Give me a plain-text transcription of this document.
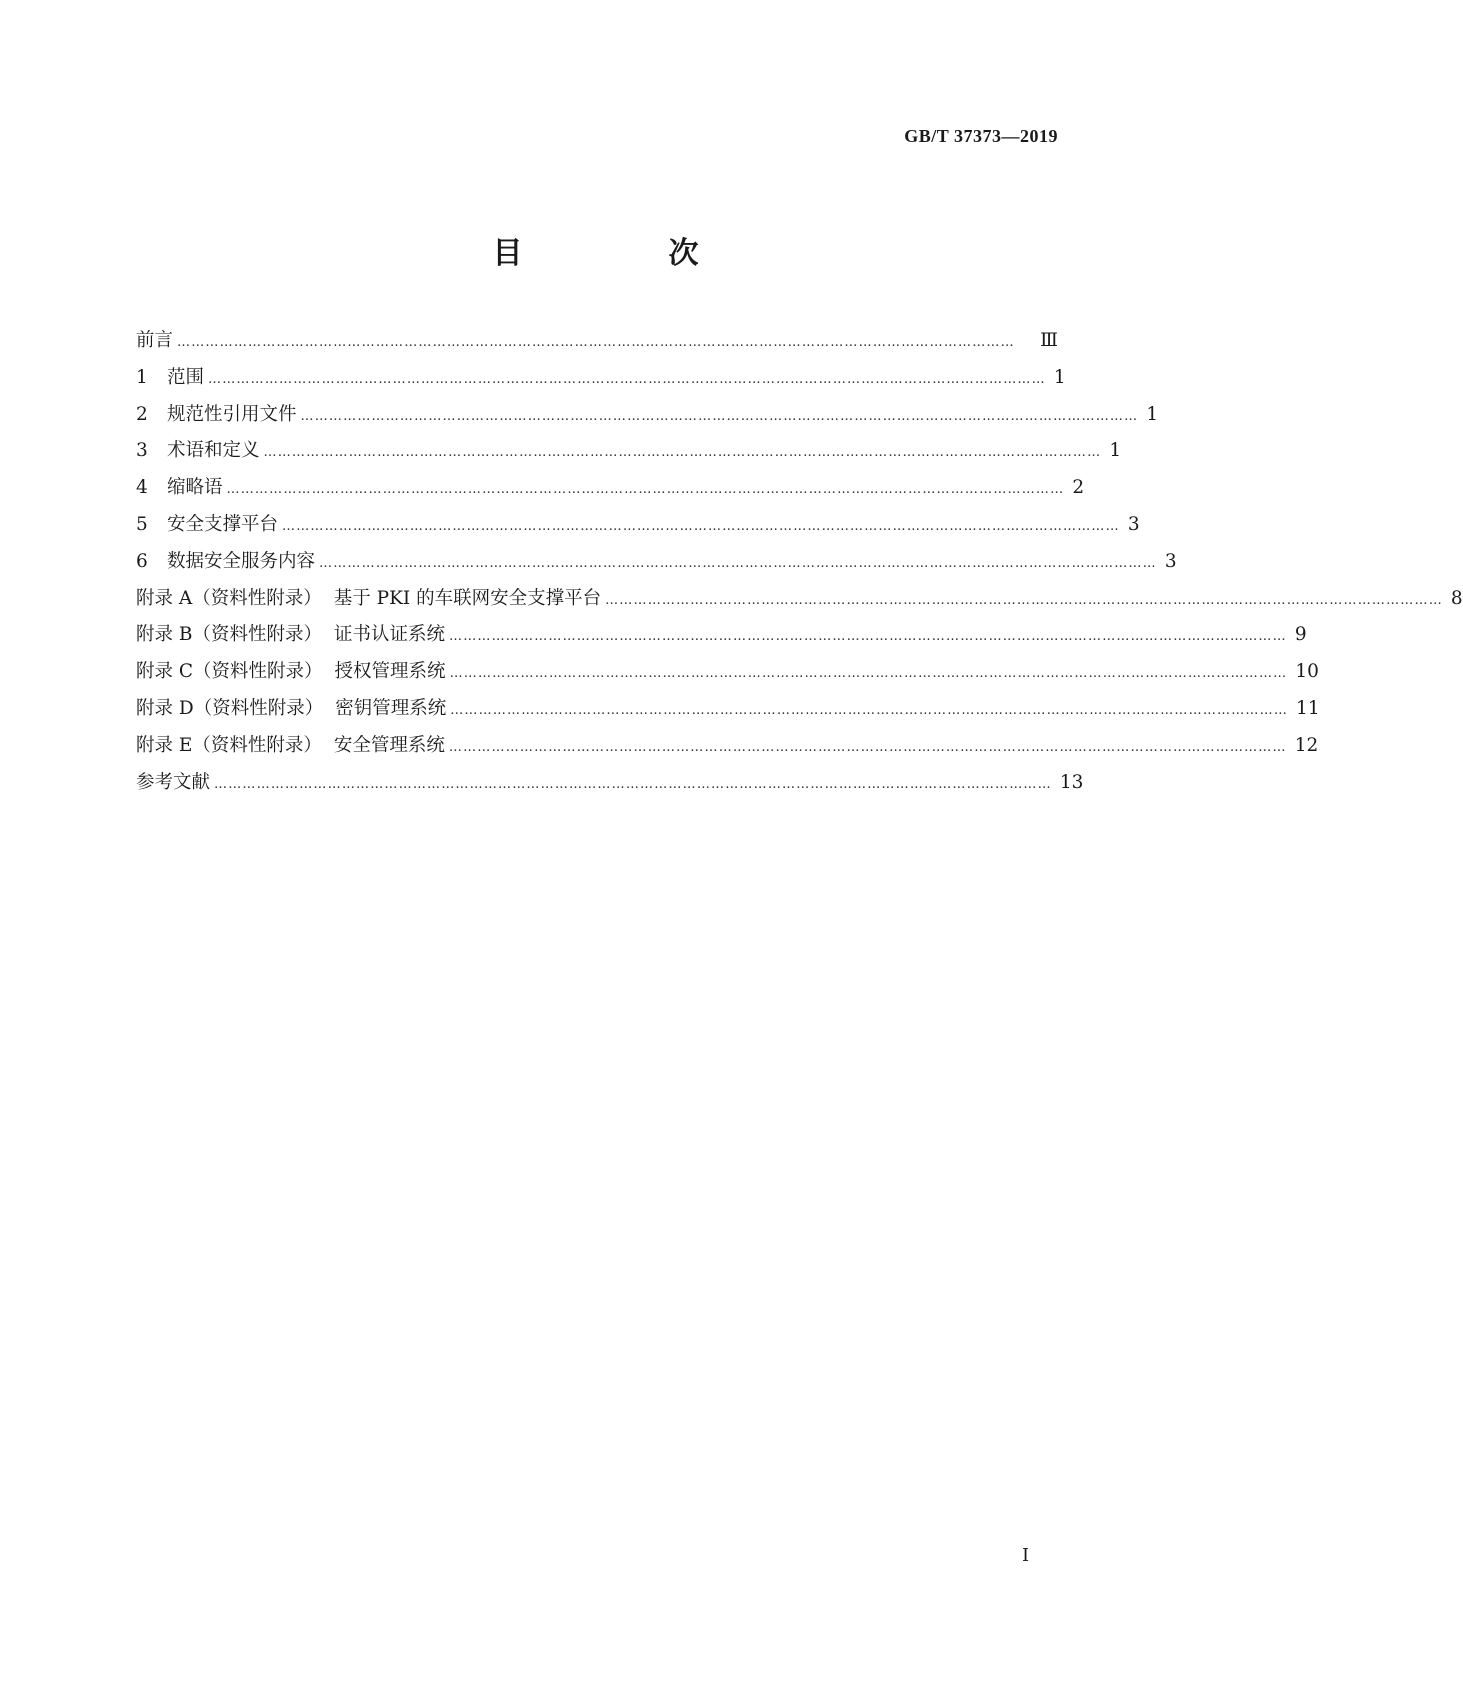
GB/T 37373—2019
目　次
前言 ……………………………………………………………………………………………………………………………………………………………	Ⅲ
1 范围 …………………………………………………………………………………………………………………………………………………………… 1
2 规范性引用文件 …………………………………………………………………………………………………………………………………………………………… 1
3 术语和定义 …………………………………………………………………………………………………………………………………………………………… 1
4 缩略语 …………………………………………………………………………………………………………………………………………………………… 2
5 安全支撑平台 …………………………………………………………………………………………………………………………………………………………… 3
6 数据安全服务内容 …………………………………………………………………………………………………………………………………………………………… 3
附录 A（资料性附录） 基于 PKI 的车联网安全支撑平台 …………………………………………………………………………………………………………………………………………………………… 8
附录 B（资料性附录） 证书认证系统 …………………………………………………………………………………………………………………………………………………………… 9
附录 C（资料性附录） 授权管理系统 …………………………………………………………………………………………………………………………………………………………… 10
附录 D（资料性附录） 密钥管理系统 …………………………………………………………………………………………………………………………………………………………… 11
附录 E（资料性附录） 安全管理系统 …………………………………………………………………………………………………………………………………………………………… 12
参考文献 …………………………………………………………………………………………………………………………………………………………… 13
I
